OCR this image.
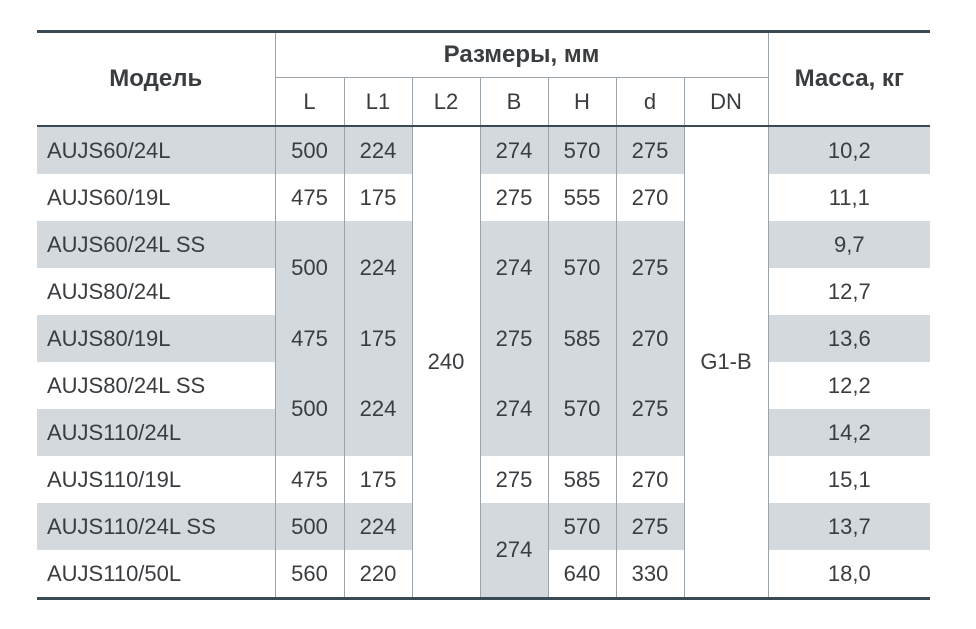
Модель	Размеры, мм							Масса, кг
	L	L1	L2	B	H	d	DN	
AUJS60/24L	500	224	240	274	570	275	G1-B	10,2
AUJS60/19L	475	175		275	555	270		11,1
AUJS60/24L SS	500	224		274	570	275		9,7
AUJS80/24L								12,7
AUJS80/19L	475	175		275	585	270		13,6
AUJS80/24L SS	500	224		274	570	275		12,2
AUJS110/24L								14,2
AUJS110/19L	475	175		275	585	270		15,1
AUJS110/24L SS	500	224		274	570	275		13,7
AUJS110/50L	560	220			640	330		18,0
